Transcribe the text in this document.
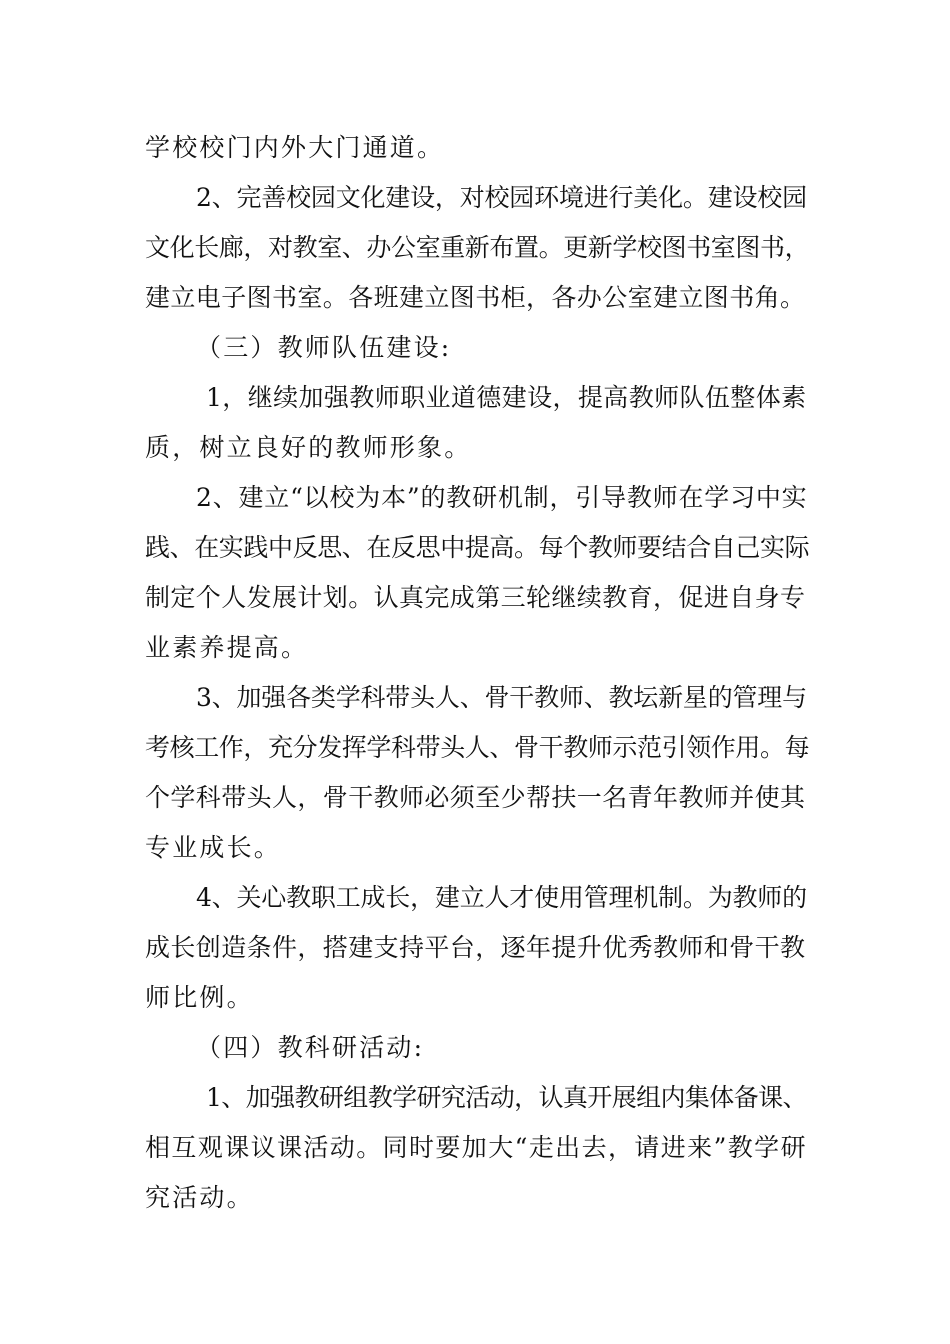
学校校门内外大门通道。
2、完善校园文化建设，对校园环境进行美化。建设校园
文化长廊，对教室、办公室重新布置。更新学校图书室图书，
建立电子图书室。各班建立图书柜，各办公室建立图书角。
（三）教师队伍建设:
1，继续加强教师职业道德建设，提高教师队伍整体素
质，树立良好的教师形象。
2、建立“以校为本”的教研机制，引导教师在学习中实
践、在实践中反思、在反思中提高。每个教师要结合自己实际
制定个人发展计划。认真完成第三轮继续教育，促进自身专
业素养提高。
3、加强各类学科带头人、骨干教师、教坛新星的管理与
考核工作，充分发挥学科带头人、骨干教师示范引领作用。每
个学科带头人，骨干教师必须至少帮扶一名青年教师并使其
专业成长。
4、关心教职工成长，建立人才使用管理机制。为教师的
成长创造条件，搭建支持平台，逐年提升优秀教师和骨干教
师比例。
（四）教科研活动:
1、加强教研组教学研究活动，认真开展组内集体备课、
相互观课议课活动。同时要加大“走出去，请进来”教学研
究活动。
